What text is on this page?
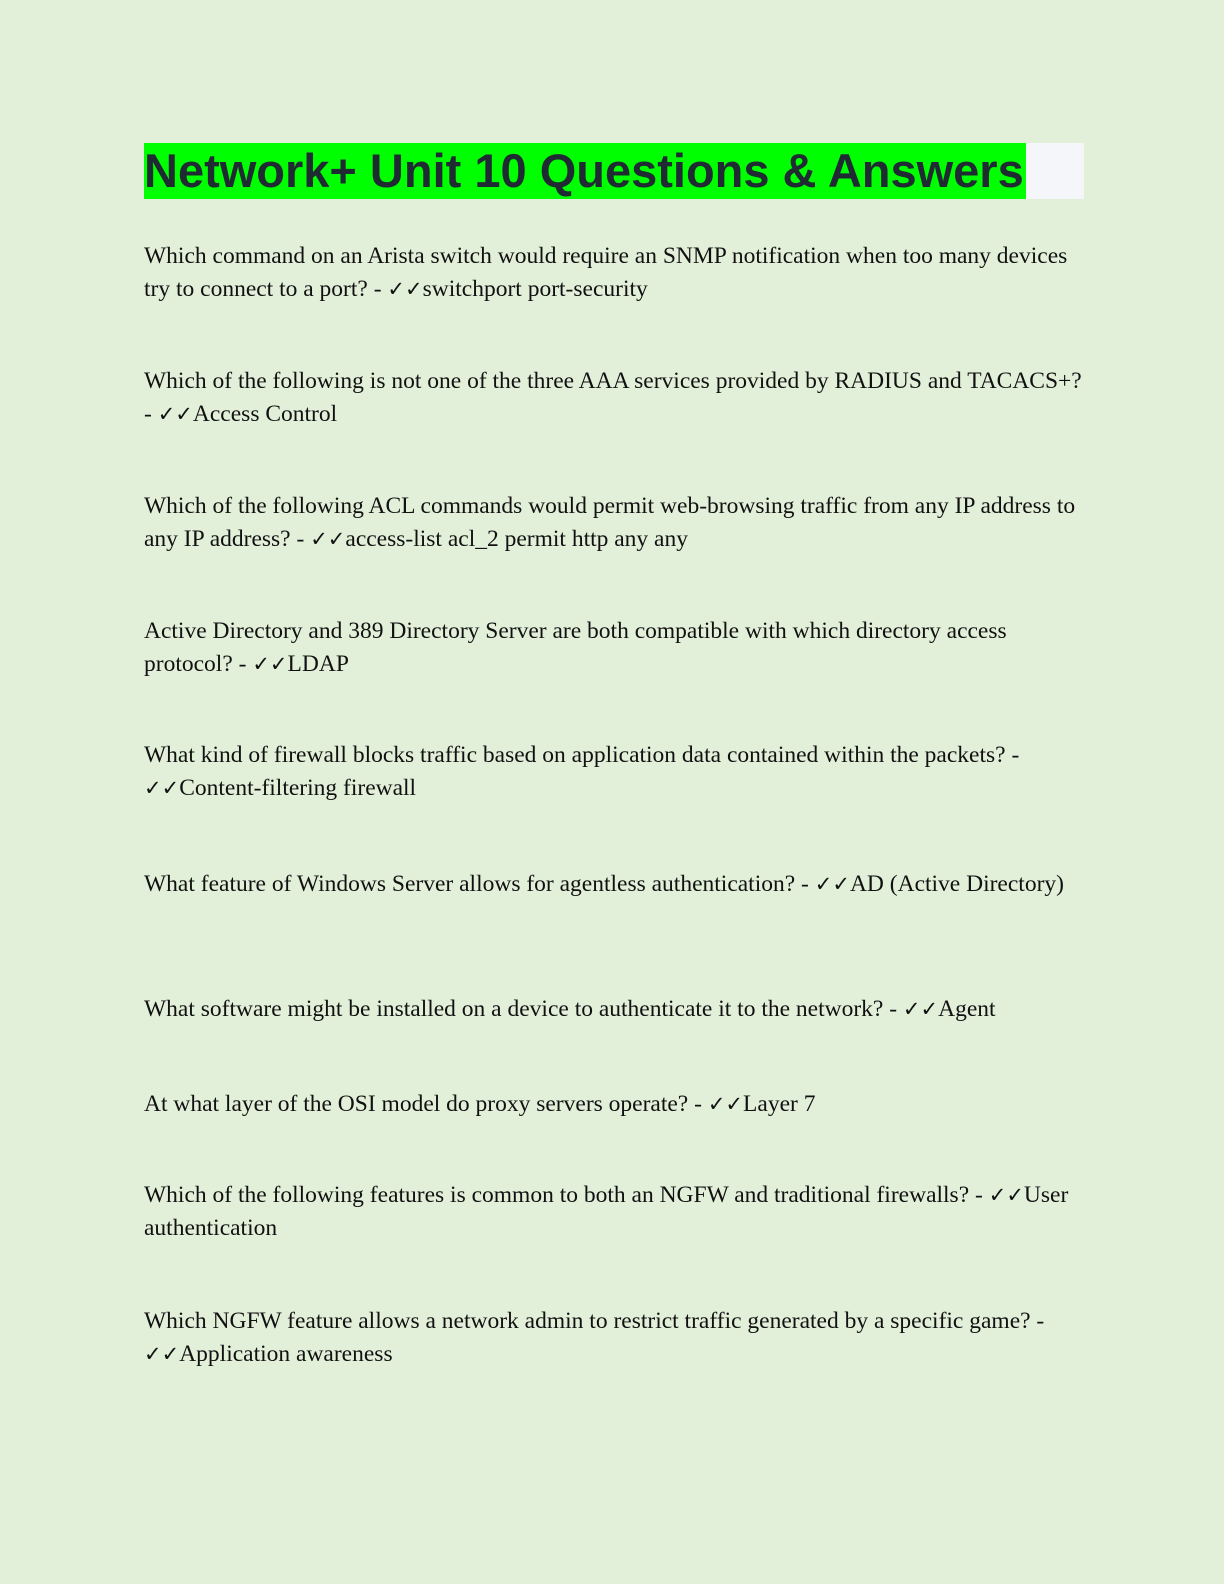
Network+ Unit 10 Questions & Answers
Which command on an Arista switch would require an SNMP notification when too many devices try to connect to a port? - ✓✓switchport port-security
Which of the following is not one of the three AAA services provided by RADIUS and TACACS+? - ✓✓Access Control
Which of the following ACL commands would permit web-browsing traffic from any IP address to any IP address? - ✓✓access-list acl_2 permit http any any
Active Directory and 389 Directory Server are both compatible with which directory access protocol? - ✓✓LDAP
What kind of firewall blocks traffic based on application data contained within the packets? - ✓✓Content-filtering firewall
What feature of Windows Server allows for agentless authentication? - ✓✓AD (Active Directory)
What software might be installed on a device to authenticate it to the network? - ✓✓Agent
At what layer of the OSI model do proxy servers operate? - ✓✓Layer 7
Which of the following features is common to both an NGFW and traditional firewalls? - ✓✓User authentication
Which NGFW feature allows a network admin to restrict traffic generated by a specific game? - ✓✓Application awareness
